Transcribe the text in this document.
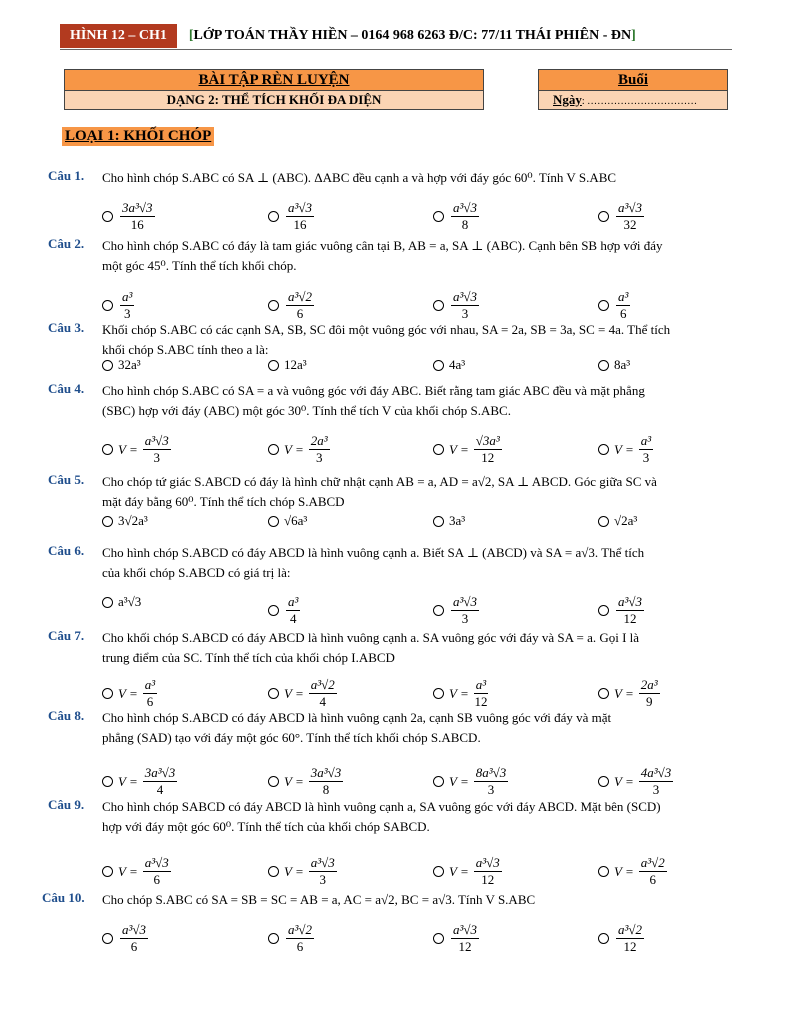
HÌNH 12 – CH1	[LỚP TOÁN THẦY HIỀN – 0164 968 6263 Đ/C: 77/11 THÁI PHIÊN - ĐN]
BÀI TẬP RÈN LUYỆN
DẠNG 2: THỂ TÍCH KHỐI ĐA DIỆN
Buổi
Ngày: ……………………………
LOẠI 1: KHỐI CHÓP
Câu 1. Cho hình chóp S.ABC có SA ⊥ (ABC). ΔABC đều cạnh a và hợp với đáy góc 60⁰. Tính V S.ABC
$\frac{\text{3a³√3}}{16}$	$\frac{\text{a³√3}}{16}$	$\frac{\text{a³√3}}{8}$	$\frac{\text{a³√3}}{32}$
Câu 2. Cho hình chóp S.ABC có đáy là tam giác vuông cân tại B, AB = a, SA ⊥ (ABC). Cạnh bên SB hợp với đáy
một góc 45⁰. Tính thể tích khối chóp.
$\frac{\text{a³}}{3}$	$\frac{\text{a³√2}}{6}$	$\frac{\text{a³√3}}{3}$	$\frac{\text{a³}}{6}$
Câu 3. Khối chóp S.ABC có các cạnh SA, SB, SC đôi một vuông góc với nhau, SA = 2a, SB = 3a, SC = 4a. Thể tích
khối chóp S.ABC tính theo a là:
32a³	12a³	4a³	8a³
Câu 4. Cho hình chóp S.ABC có SA = a và vuông góc với đáy ABC. Biết rằng tam giác ABC đều và mặt phẳng
(SBC) hợp với đáy (ABC) một góc 30⁰. Tính thể tích V của khối chóp S.ABC.
$V = \frac{\text{a³√3}}{3}$	$V = \frac{\text{2a³}}{3}$	$V = \frac{\text{√3a³}}{12}$	$V = \frac{\text{a³}}{3}$
Câu 5. Cho chóp tứ giác S.ABCD có đáy là hình chữ nhật cạnh AB = a, AD = a√2, SA ⊥ ABCD. Góc giữa SC và
mặt đáy bằng 60⁰. Tính thể tích chóp S.ABCD
3√2a³	√6a³	3a³	√2a³
Câu 6. Cho hình chóp S.ABCD có đáy ABCD là hình vuông cạnh a. Biết SA ⊥ (ABCD) và SA = a√3. Thể tích
của khối chóp S.ABCD có giá trị là:
a³√3	$\frac{\text{a³}}{4}$	$\frac{\text{a³√3}}{3}$	$\frac{\text{a³√3}}{12}$
Câu 7. Cho khối chóp S.ABCD có đáy ABCD là hình vuông cạnh a. SA vuông góc với đáy và SA = a. Gọi I là
trung điểm của SC. Tính thể tích của khối chóp I.ABCD
$V = \frac{\text{a³}}{6}$	$V = \frac{\text{a³√2}}{4}$	$V = \frac{\text{a³}}{12}$	$V = \frac{\text{2a³}}{9}$
Câu 8. Cho hình chóp S.ABCD có đáy ABCD là hình vuông cạnh 2a, cạnh SB vuông góc với đáy và mặt
phẳng (SAD) tạo với đáy một góc 60°. Tính thể tích khối chóp S.ABCD.
$V = \frac{\text{3a³√3}}{4}$	$V = \frac{\text{3a³√3}}{8}$	$V = \frac{\text{8a³√3}}{3}$	$V = \frac{\text{4a³√3}}{3}$
Câu 9. Cho hình chóp SABCD có đáy ABCD là hình vuông cạnh a, SA vuông góc với đáy ABCD. Mặt bên (SCD)
hợp với đáy một góc 60⁰. Tính thể tích của khối chóp SABCD.
$V = \frac{\text{a³√3}}{6}$	$V = \frac{\text{a³√3}}{3}$	$V = \frac{\text{a³√3}}{12}$	$V = \frac{\text{a³√2}}{6}$
Câu 10. Cho chóp S.ABC có SA = SB = SC = AB = a, AC = a√2, BC = a√3. Tính V S.ABC
$\frac{\text{a³√3}}{6}$	$\frac{\text{a³√2}}{6}$	$\frac{\text{a³√3}}{12}$	$\frac{\text{a³√2}}{12}$
